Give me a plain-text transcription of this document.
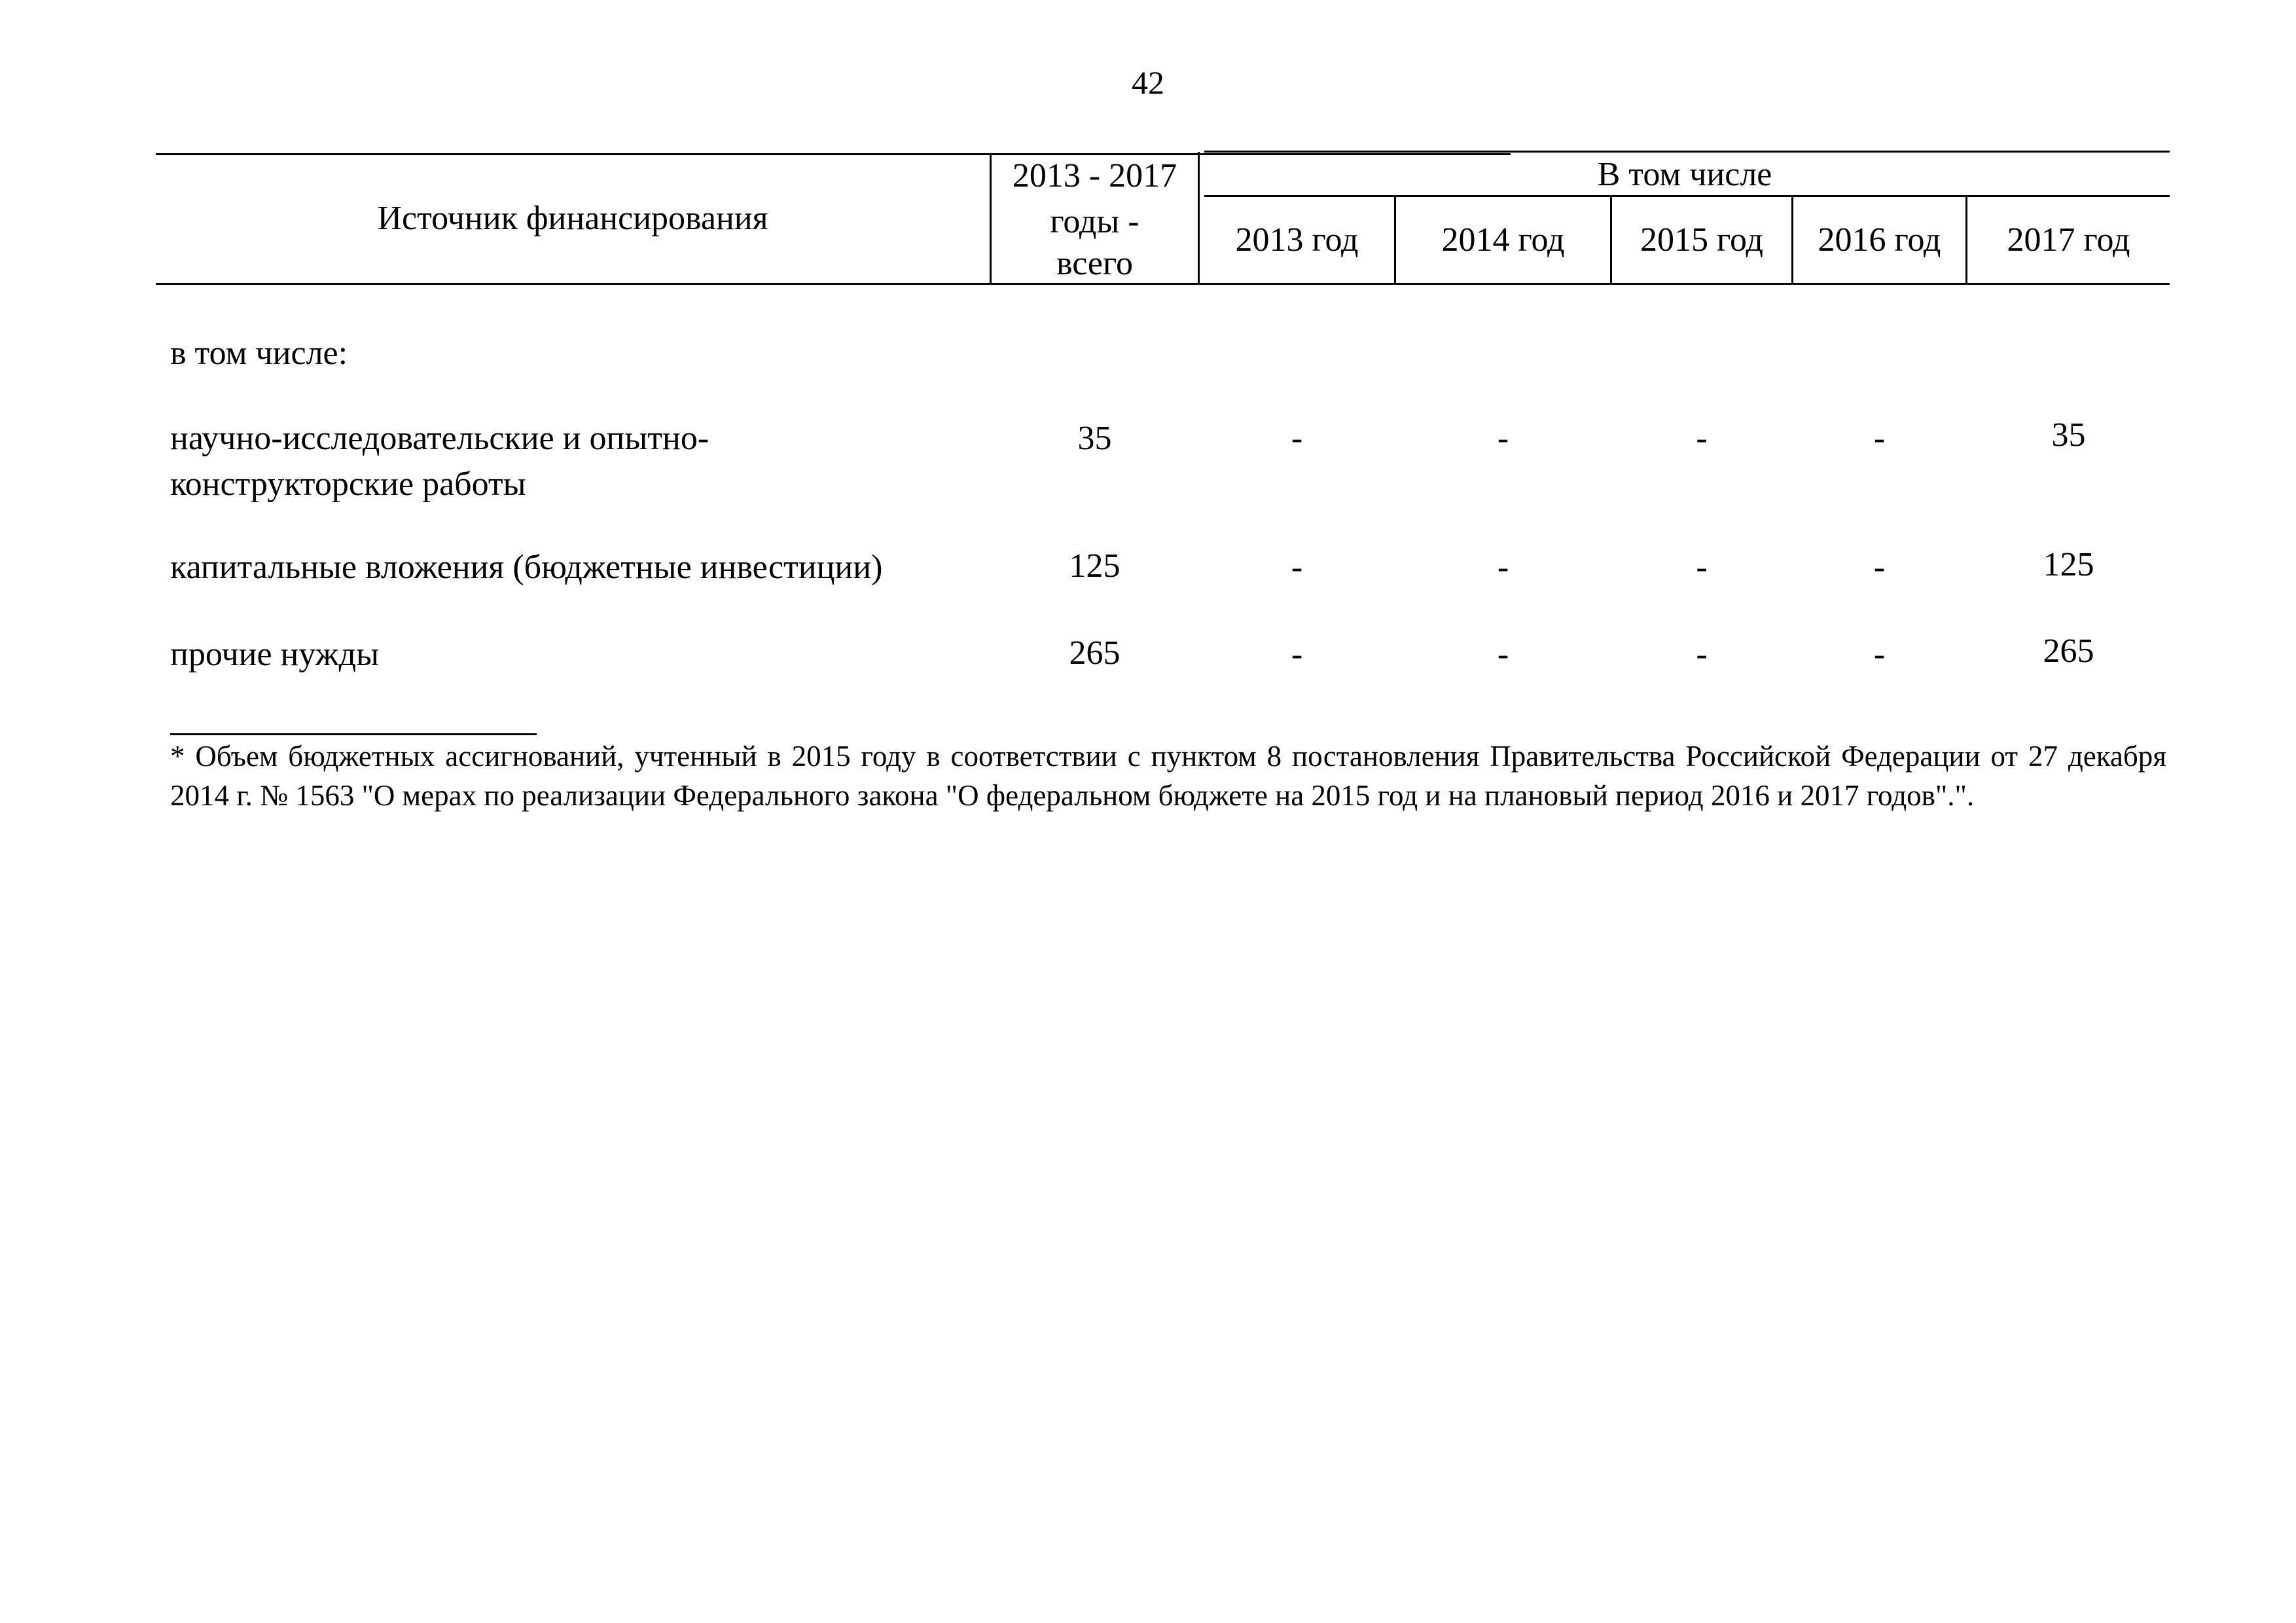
42
Источник финансирования
2013 - 2017
годы -
всего
В том числе
2013 год	2014 год	2015 год	2016 год	2017 год
в том числе:
научно-исследовательские и опытно-
конструкторские работы
35	-	-	-	-	35
капитальные вложения (бюджетные инвестиции)	125	-	-	-	-	125
прочие нужды	265	-	-	-	-	265
* Объем бюджетных ассигнований, учтенный в 2015 году в соответствии с пунктом 8 постановления Правительства Российской Федерации от 27 декабря 2014 г. № 1563 "О мерах по реализации Федерального закона "О федеральном бюджете на 2015 год и на плановый период 2016 и 2017 годов".".
